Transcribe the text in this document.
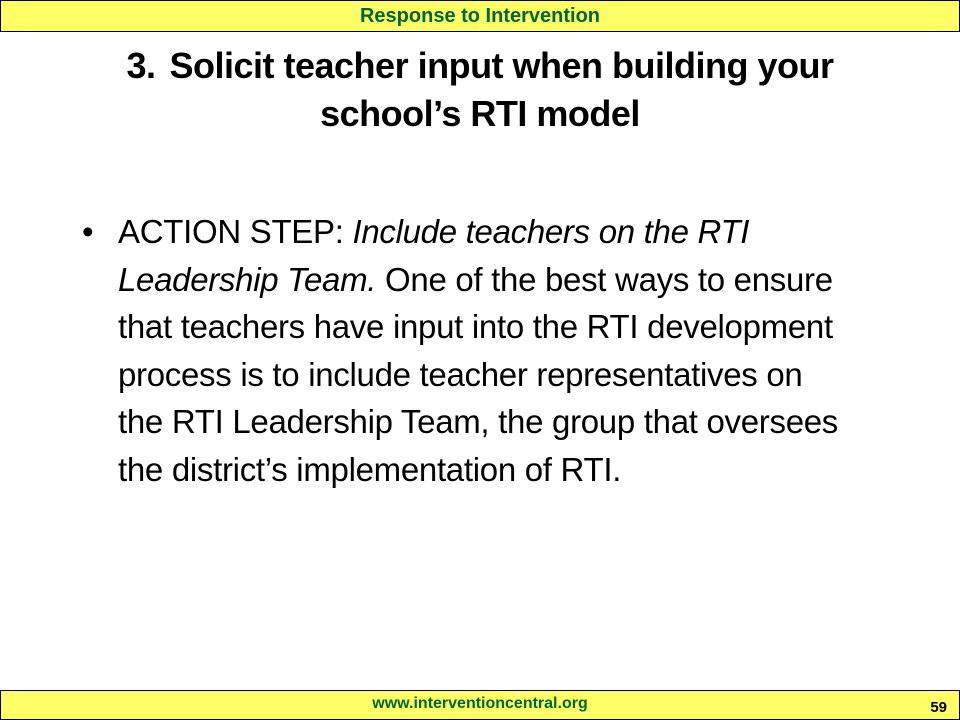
Response to Intervention
3. Solicit teacher input when building your school’s RTI model
• ACTION STEP: Include teachers on the RTI Leadership Team. One of the best ways to ensure that teachers have input into the RTI development process is to include teacher representatives on the RTI Leadership Team, the group that oversees the district’s implementation of RTI.
www.interventioncentral.org	59
